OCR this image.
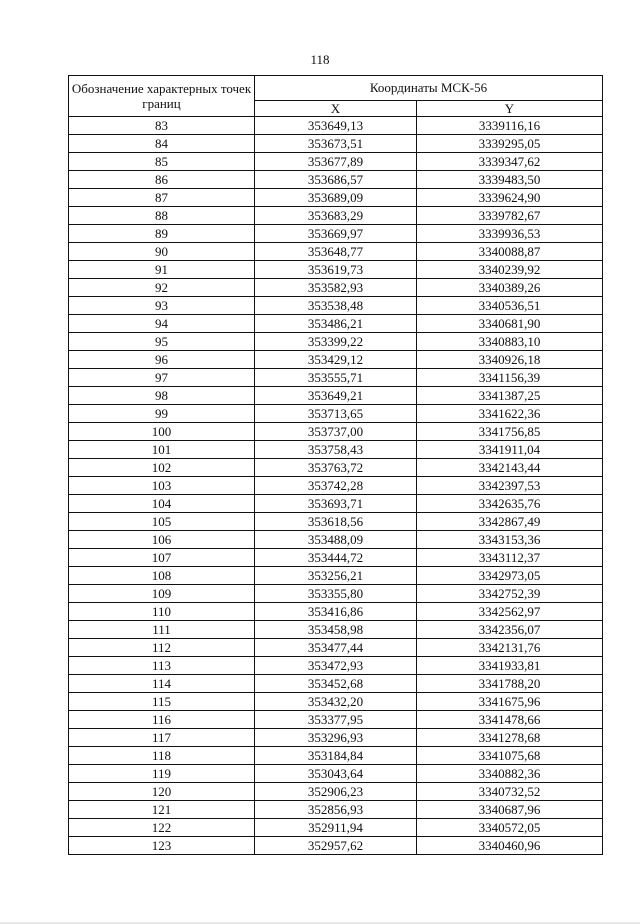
118
Обозначение характерных точек границ	Координаты МСК-56	
	X	Y
83	353649,13	3339116,16
84	353673,51	3339295,05
85	353677,89	3339347,62
86	353686,57	3339483,50
87	353689,09	3339624,90
88	353683,29	3339782,67
89	353669,97	3339936,53
90	353648,77	3340088,87
91	353619,73	3340239,92
92	353582,93	3340389,26
93	353538,48	3340536,51
94	353486,21	3340681,90
95	353399,22	3340883,10
96	353429,12	3340926,18
97	353555,71	3341156,39
98	353649,21	3341387,25
99	353713,65	3341622,36
100	353737,00	3341756,85
101	353758,43	3341911,04
102	353763,72	3342143,44
103	353742,28	3342397,53
104	353693,71	3342635,76
105	353618,56	3342867,49
106	353488,09	3343153,36
107	353444,72	3343112,37
108	353256,21	3342973,05
109	353355,80	3342752,39
110	353416,86	3342562,97
111	353458,98	3342356,07
112	353477,44	3342131,76
113	353472,93	3341933,81
114	353452,68	3341788,20
115	353432,20	3341675,96
116	353377,95	3341478,66
117	353296,93	3341278,68
118	353184,84	3341075,68
119	353043,64	3340882,36
120	352906,23	3340732,52
121	352856,93	3340687,96
122	352911,94	3340572,05
123	352957,62	3340460,96
